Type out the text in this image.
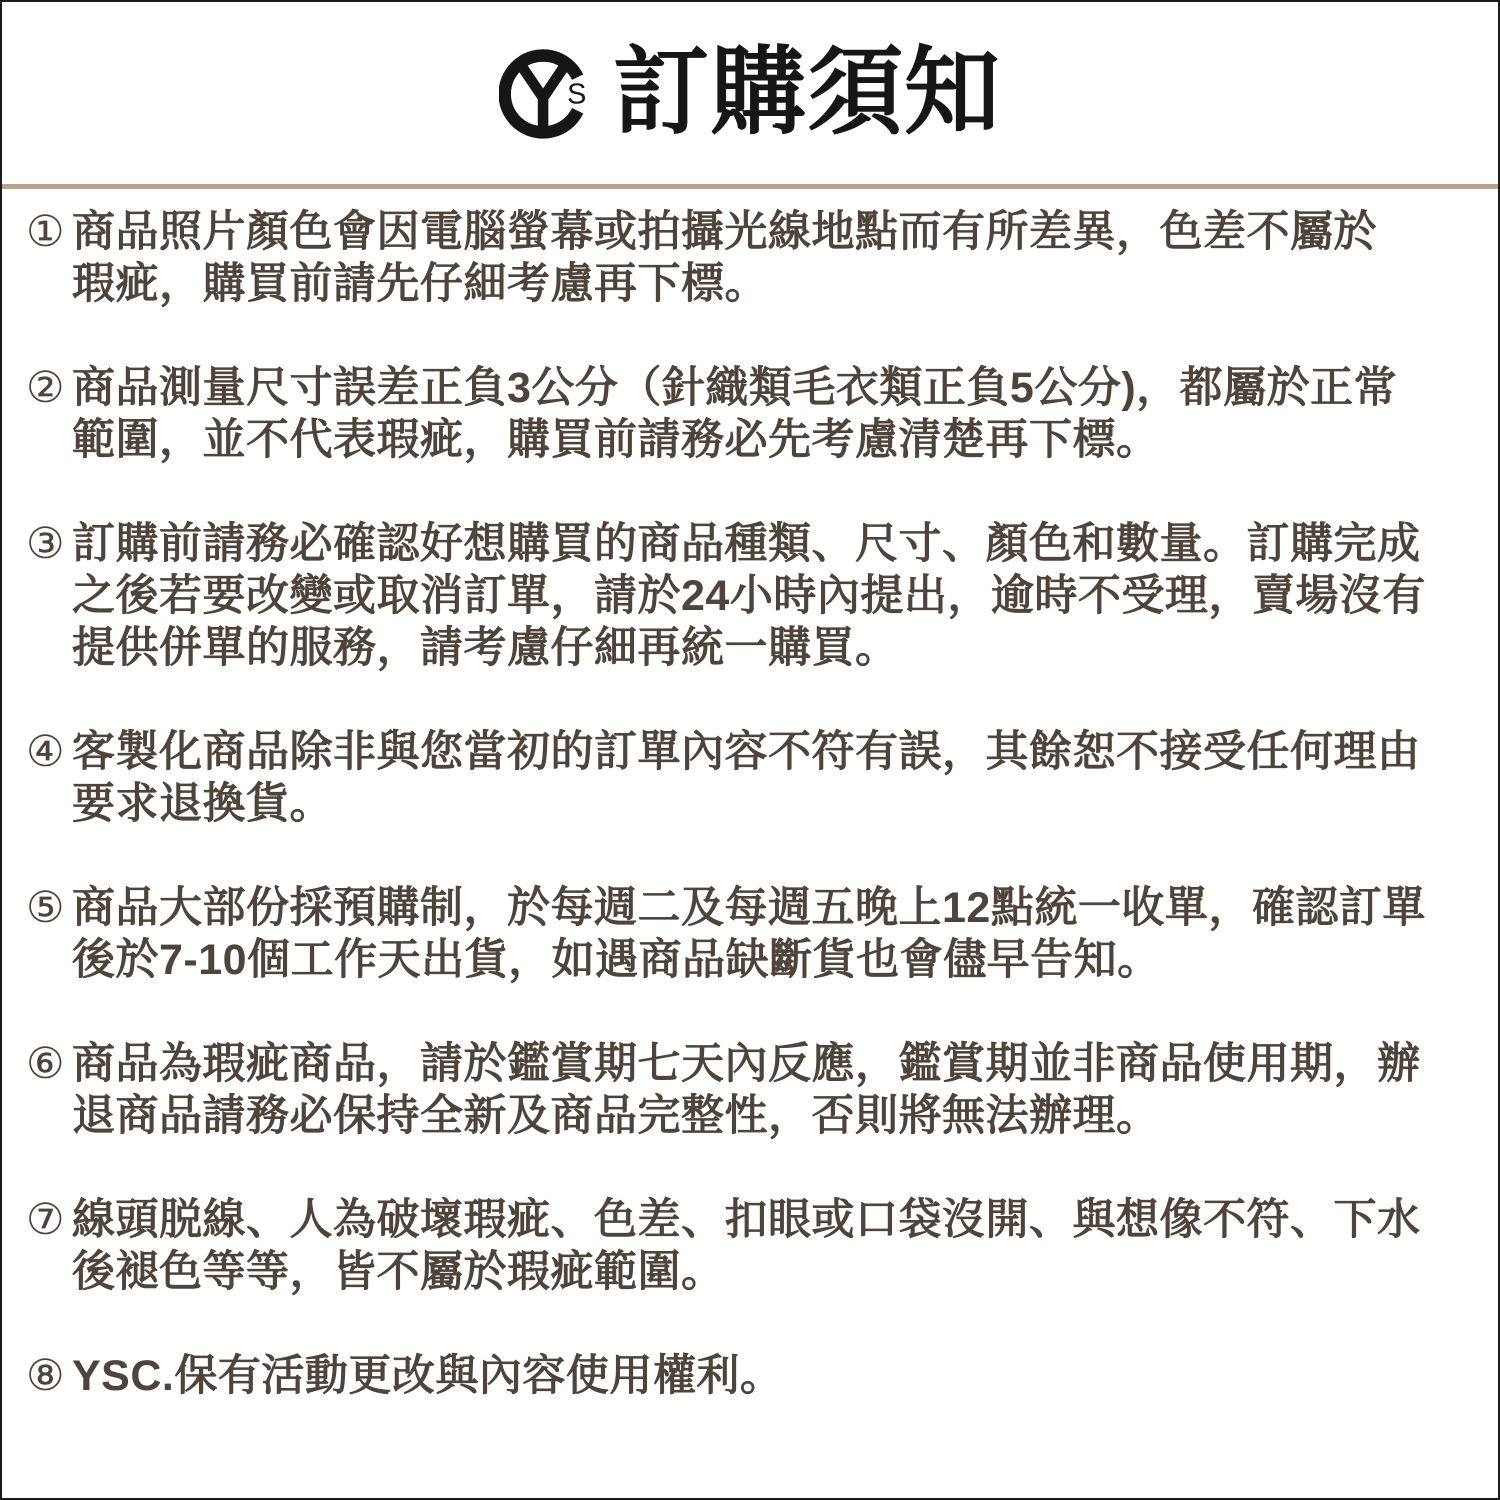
S 訂購須知
① 商品照片顏色會因電腦螢幕或拍攝光線地點而有所差異，色差不屬於
瑕疵，購買前請先仔細考慮再下標。
② 商品測量尺寸誤差正負3公分（針織類毛衣類正負5公分)，都屬於正常
範圍，並不代表瑕疵，購買前請務必先考慮清楚再下標。
③ 訂購前請務必確認好想購買的商品種類、尺寸、顏色和數量。訂購完成
之後若要改變或取消訂單，請於24小時內提出，逾時不受理，賣場沒有
提供併單的服務，請考慮仔細再統一購買。
④ 客製化商品除非與您當初的訂單內容不符有誤，其餘恕不接受任何理由
要求退換貨。
⑤ 商品大部份採預購制，於每週二及每週五晚上12點統一收單，確認訂單
後於7-10個工作天出貨，如遇商品缺斷貨也會儘早告知。
⑥ 商品為瑕疵商品，請於鑑賞期七天內反應，鑑賞期並非商品使用期，辦
退商品請務必保持全新及商品完整性，否則將無法辦理。
⑦ 線頭脱線、人為破壞瑕疵、色差、扣眼或口袋沒開、與想像不符、下水
後褪色等等，皆不屬於瑕疵範圍。
⑧ YSC.保有活動更改與內容使用權利。
